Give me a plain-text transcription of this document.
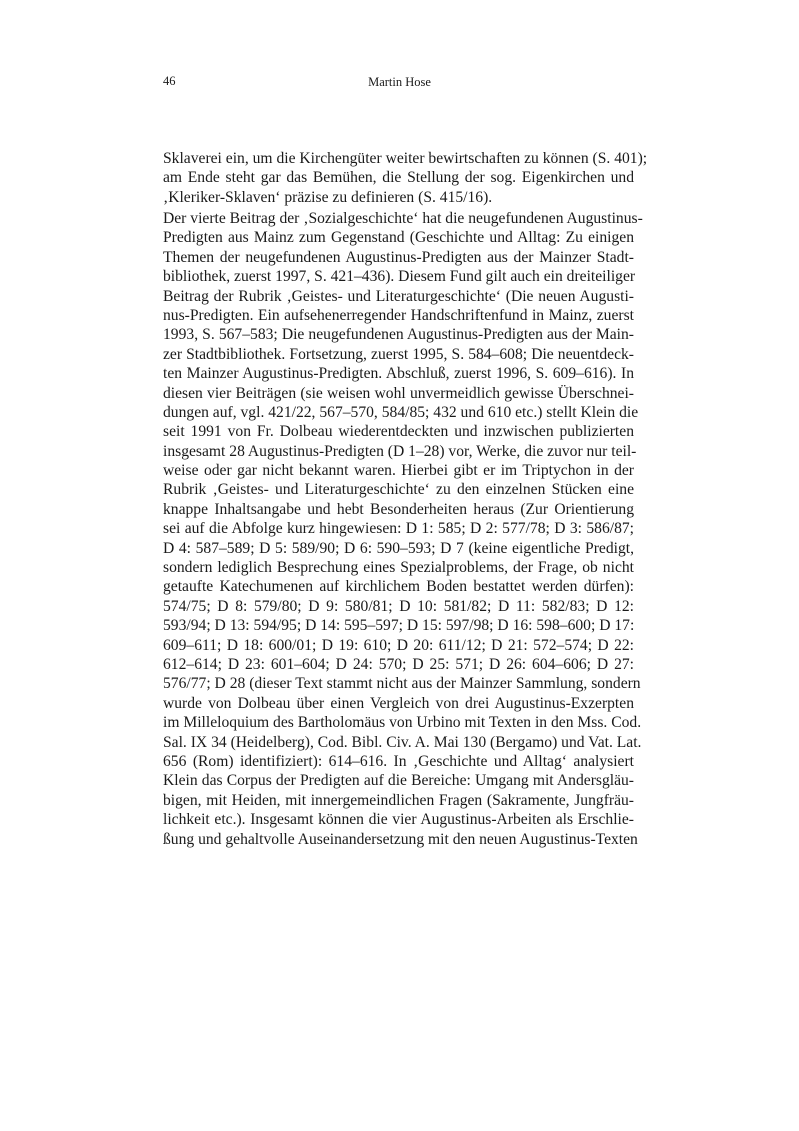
46	Martin Hose
Sklaverei ein, um die Kirchengüter weiter bewirtschaften zu können (S. 401);
am Ende steht gar das Bemühen, die Stellung der sog. Eigenkirchen und
‚Kleriker-Sklaven‘ präzise zu definieren (S. 415/16).
Der vierte Beitrag der ‚Sozialgeschichte‘ hat die neugefundenen Augustinus-
Predigten aus Mainz zum Gegenstand (Geschichte und Alltag: Zu einigen
Themen der neugefundenen Augustinus-Predigten aus der Mainzer Stadt-
bibliothek, zuerst 1997, S. 421–436). Diesem Fund gilt auch ein dreiteiliger
Beitrag der Rubrik ‚Geistes- und Literaturgeschichte‘ (Die neuen Augusti-
nus-Predigten. Ein aufsehenerregender Handschriftenfund in Mainz, zuerst
1993, S. 567–583; Die neugefundenen Augustinus-Predigten aus der Main-
zer Stadtbibliothek. Fortsetzung, zuerst 1995, S. 584–608; Die neuentdeck-
ten Mainzer Augustinus-Predigten. Abschluß, zuerst 1996, S. 609–616). In
diesen vier Beiträgen (sie weisen wohl unvermeidlich gewisse Überschnei-
dungen auf, vgl. 421/22, 567–570, 584/85; 432 und 610 etc.) stellt Klein die
seit 1991 von Fr. Dolbeau wiederentdeckten und inzwischen publizierten
insgesamt 28 Augustinus-Predigten (D 1–28) vor, Werke, die zuvor nur teil-
weise oder gar nicht bekannt waren. Hierbei gibt er im Triptychon in der
Rubrik ‚Geistes- und Literaturgeschichte‘ zu den einzelnen Stücken eine
knappe Inhaltsangabe und hebt Besonderheiten heraus (Zur Orientierung
sei auf die Abfolge kurz hingewiesen: D 1: 585; D 2: 577/78; D 3: 586/87;
D 4: 587–589; D 5: 589/90; D 6: 590–593; D 7 (keine eigentliche Predigt,
sondern lediglich Besprechung eines Spezialproblems, der Frage, ob nicht
getaufte Katechumenen auf kirchlichem Boden bestattet werden dürfen):
574/75; D 8: 579/80; D 9: 580/81; D 10: 581/82; D 11: 582/83; D 12:
593/94; D 13: 594/95; D 14: 595–597; D 15: 597/98; D 16: 598–600; D 17:
609–611; D 18: 600/01; D 19: 610; D 20: 611/12; D 21: 572–574; D 22:
612–614; D 23: 601–604; D 24: 570; D 25: 571; D 26: 604–606; D 27:
576/77; D 28 (dieser Text stammt nicht aus der Mainzer Sammlung, sondern
wurde von Dolbeau über einen Vergleich von drei Augustinus-Exzerpten
im Milleloquium des Bartholomäus von Urbino mit Texten in den Mss. Cod.
Sal. IX 34 (Heidelberg), Cod. Bibl. Civ. A. Mai 130 (Bergamo) und Vat. Lat.
656 (Rom) identifiziert): 614–616. In ‚Geschichte und Alltag‘ analysiert
Klein das Corpus der Predigten auf die Bereiche: Umgang mit Andersgläu-
bigen, mit Heiden, mit innergemeindlichen Fragen (Sakramente, Jungfräu-
lichkeit etc.). Insgesamt können die vier Augustinus-Arbeiten als Erschlie-
ßung und gehaltvolle Auseinandersetzung mit den neuen Augustinus-Texten
